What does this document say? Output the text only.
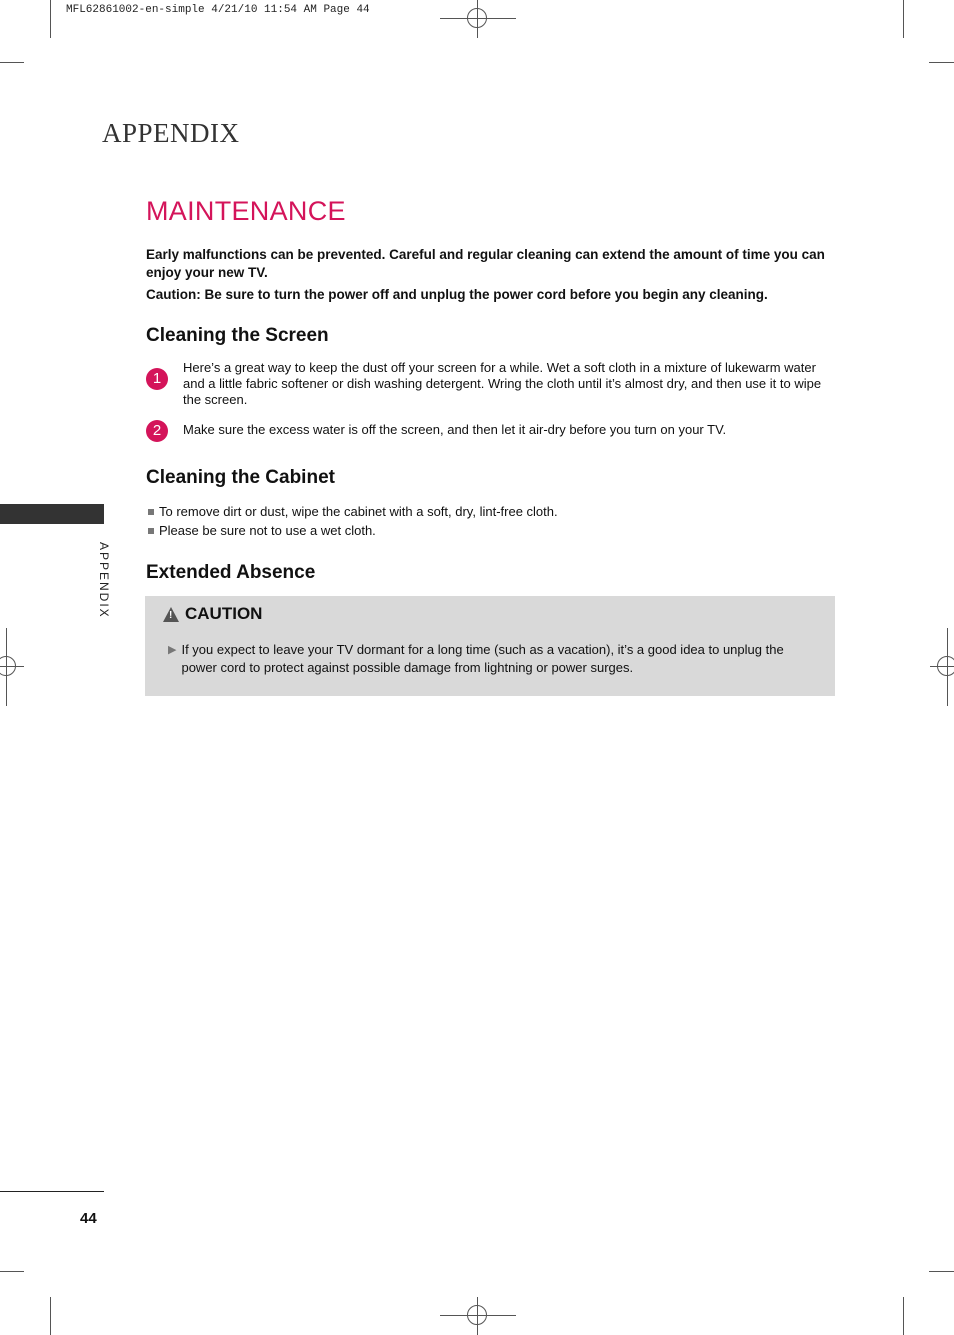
MFL62861002-en-simple 4/21/10 11:54 AM Page 44
APPENDIX
MAINTENANCE

Early malfunctions can be prevented. Careful and regular cleaning can extend the amount of time you can enjoy your new TV.

Caution: Be sure to turn the power off and unplug the power cord before you begin any cleaning.

Cleaning the Screen
1
Here’s a great way to keep the dust off your screen for a while. Wet a soft cloth in a mixture of lukewarm water and a little fabric softener or dish washing detergent. Wring the cloth until it’s almost dry, and then use it to wipe the screen.
2	Make sure the excess water is off the screen, and then let it air-dry before you turn on your TV.
Cleaning the Cabinet
To remove dirt or dust, wipe the cabinet with a soft, dry, lint-free cloth.
Please be sure not to use a wet cloth.
Extended Absence
! CAUTION
▶ If you expect to leave your TV dormant for a long time (such as a vacation), it’s a good idea to unplug the power cord to protect against possible damage from lightning or power surges.
APPENDIX
44
